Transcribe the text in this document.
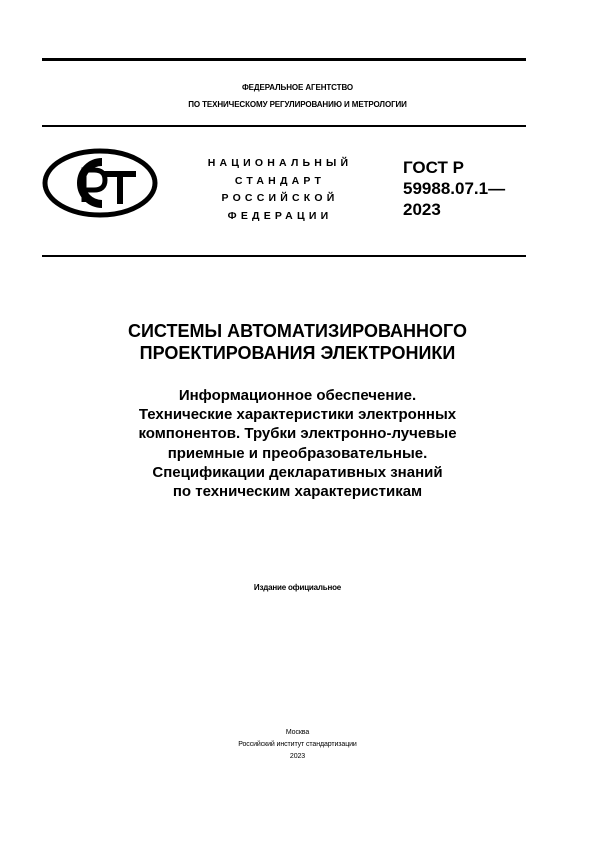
ФЕДЕРАЛЬНОЕ АГЕНТСТВО
ПО ТЕХНИЧЕСКОМУ РЕГУЛИРОВАНИЮ И МЕТРОЛОГИИ
НАЦИОНАЛЬНЫЙ
СТАНДАРТ
РОССИЙСКОЙ
ФЕДЕРАЦИИ
ГОСТ Р
59988.07.1—
2023
СИСТЕМЫ АВТОМАТИЗИРОВАННОГО
ПРОЕКТИРОВАНИЯ ЭЛЕКТРОНИКИ
Информационное обеспечение.
Технические характеристики электронных
компонентов. Трубки электронно-лучевые
приемные и преобразовательные.
Спецификации декларативных знаний
по техническим характеристикам
Издание официальное
Москва
Российский институт стандартизации
2023
